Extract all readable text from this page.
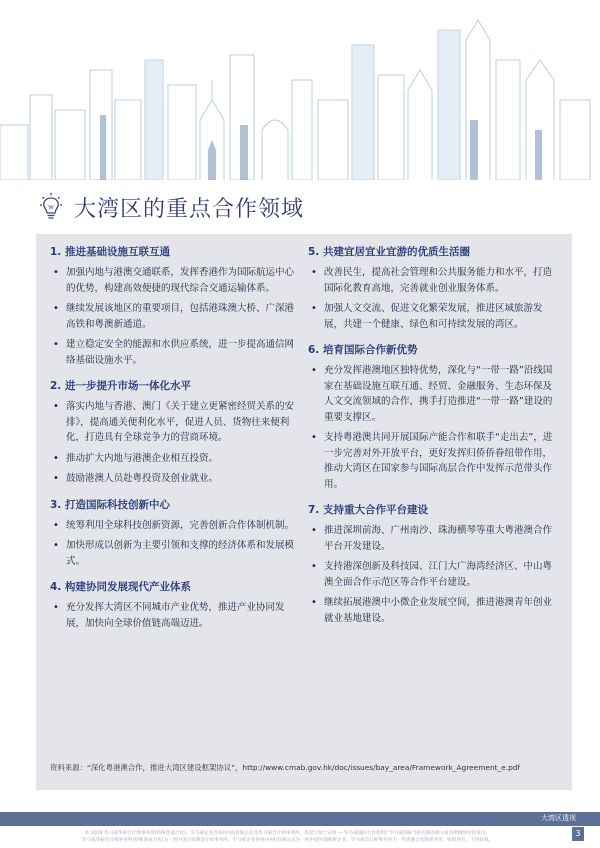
W 大湾区的重点合作领域
1. 推进基础设施互联互通
• 加强内地与港澳交通联系，发挥香港作为国际航运中心的优势，构建高效便捷的现代综合交通运输体系。
• 继续发展该地区的重要项目，包括港珠澳大桥、广深港高铁和粤澳新通道。
• 建立稳定安全的能源和水供应系统，进一步提高通信网络基础设施水平。
2. 进一步提升市场一体化水平
• 落实内地与香港、澳门《关于建立更紧密经贸关系的安排》，提高通关便利化水平，促进人员、货物往来便利化，打造具有全球竞争力的营商环境。
• 推动扩大内地与港澳企业相互投资。
• 鼓励港澳人员赴粤投资及创业就业。
3. 打造国际科技创新中心
• 统筹利用全球科技创新资源，完善创新合作体制机制。
• 加快形成以创新为主要引领和支撑的经济体系和发展模式。
4. 构建协同发展现代产业体系
• 充分发挥大湾区不同城市产业优势，推进产业协同发展，加快向全球价值链高端迈进。
5. 共建宜居宜业宜游的优质生活圈
• 改善民生，提高社会管理和公共服务能力和水平，打造国际化教育高地，完善就业创业服务体系。
• 加强人文交流、促进文化繁荣发展，推进区域旅游发展，共建一个健康、绿色和可持续发展的湾区。
6. 培育国际合作新优势
• 充分发挥港澳地区独特优势，深化与“一带一路”沿线国家在基础设施互联互通、经贸、金融服务、生态环保及人文交流领域的合作，携手打造推进“一带一路”建设的重要支撑区。
• 支持粤港澳共同开展国际产能合作和联手“走出去”，进一步完善对外开放平台，更好发挥归侨侨眷纽带作用，推动大湾区在国家参与国际高层合作中发挥示范带头作用。
7. 支持重大合作平台建设
• 推进深圳前海、广州南沙、珠海横琴等重大粤港澳合作平台开发建设。
• 支持港深创新及科技园、江门大广海湾经济区、中山粤澳全面合作示范区等合作平台建设。
• 继续拓展港澳中小微企业发展空间，推进港澳青年创业就业基地建设。
资料来源：“深化粤港澳合作，推进大湾区建设框架协议”，http://www.cmab.gov.hk/doc/issues/bay_area/Framework_Agreement_e.pdf
大湾区透视
© 2018 毕马威华振会计师事务所(特殊普通合伙)，毕马威企业咨询(中国)有限公司及毕马威会计师事务所，均是与瑞士实体 — 毕马威国际合作组织(“毕马威国际”)相关联的独立成员所网络中的成员。
毕马威华振会计师事务所(特殊普通合伙)为一所中国合伙制会计师事务所；毕马威企业咨询(中国)有限公司为一所中国外商独资企业；毕马威会计师事务所为一所香港合伙制事务所。版权所有，不得转载。
3
